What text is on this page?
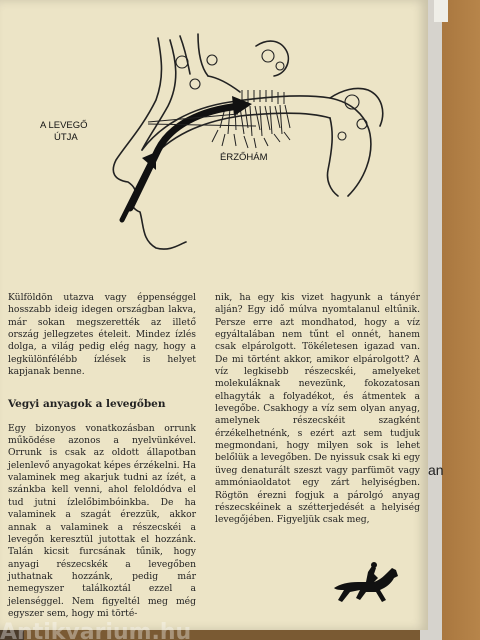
an
A LEVEGŐ
ÚTJA
ÉRZŐHÁM

Külföldön utazva vagy éppenséggel hosszabb ideig idegen országban lakva, már sokan megszerették az illető ország jellegzetes ételeit. Mindez ízlés dolga, a világ pedig elég nagy, hogy a legkülönfélébb ízlések is helyet kapjanak benne.

Vegyi anyagok a levegőben

Egy bizonyos vonatkozásban orrunk működése azonos a nyelvünkével. Orrunk is csak az oldott állapotban jelenlevő anyagokat képes érzékelni. Ha valaminek meg akarjuk tudni az ízét, a szánkba kell venni, ahol feloldódva el tud jutni ízlelőbimbóinkba. De ha valaminek a szagát érezzük, akkor annak a valaminek a részecskéi a levegőn keresztül jutottak el hozzánk. Talán kicsit furcsának tűnik, hogy anyagi részecskék a levegőben juthatnak hozzánk, pedig már nemegyszer találkoztál ezzel a jelenséggel. Nem figyeltél meg még egyszer sem, hogy mi törté-

nik, ha egy kis vizet hagyunk a tányér alján? Egy idő múlva nyomtalanul eltűnik. Persze erre azt mondhatod, hogy a víz egyáltalában nem tűnt el onnét, hanem csak elpárolgott. Tökéletesen igazad van. De mi történt akkor, amikor elpárolgott? A víz legkisebb részecskéi, amelyeket molekuláknak nevezünk, fokozatosan elhagyták a folyadékot, és átmentek a levegőbe. Csakhogy a víz sem olyan anyag, amelynek részecskéit szagként érzékelhetnénk, s ezért azt sem tudjuk megmondani, hogy milyen sok is lehet belőlük a levegőben. De nyissuk csak ki egy üveg denaturált szeszt vagy parfümöt vagy ammóniaoldatot egy zárt helyiségben. Rögtön érezni fogjuk a párolgó anyag részecskéinek a szétterjedését a helyiség levegőjében. Figyeljük csak meg,

Antikvarium.hu
